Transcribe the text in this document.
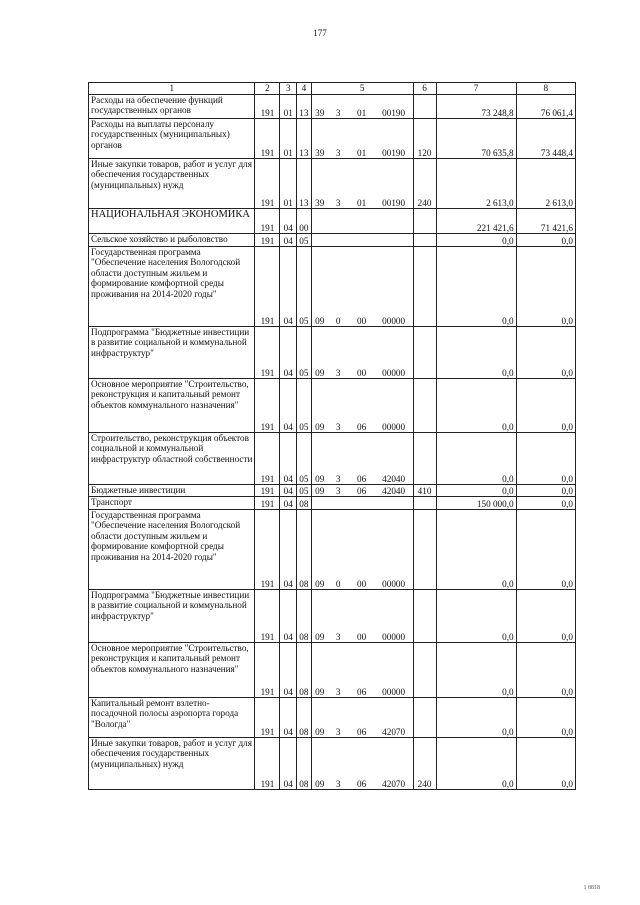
177
1	2	3	4	5				6	7	8
Расходы на обеспечение функций государственных органов	191	01	13	39	3	01	00190		73 248,8	76 061,4
Расходы на выплаты персоналу государственных (муниципальных) органов	191	01	13	39	3	01	00190	120	70 635,8	73 448,4
Иные закупки товаров, работ и услуг для обеспечения государственных (муниципальных) нужд	191	01	13	39	3	01	00190	240	2 613,0	2 613,0
НАЦИОНАЛЬНАЯ ЭКОНОМИКА	191	04	00						221 421,6	71 421,6
Сельское хозяйство и рыболовство	191	04	05						0,0	0,0
Государственная программа "Обеспечение населения Вологодской области доступным жильем и формирование комфортной среды проживания на 2014-2020 годы"	191	04	05	09	0	00	00000		0,0	0,0
Подпрограмма "Бюджетные инвестиции в развитие социальной и коммунальной инфраструктур"	191	04	05	09	3	00	00000		0,0	0,0
Основное мероприятие "Строительство, реконструкция и капитальный ремонт объектов коммунального назначения"	191	04	05	09	3	06	00000		0,0	0,0
Строительство, реконструкция объектов социальной и коммунальной инфраструктур областной собственности	191	04	05	09	3	06	42040		0,0	0,0
Бюджетные инвестиции	191	04	05	09	3	06	42040	410	0,0	0,0
Транспорт	191	04	08						150 000,0	0,0
Государственная программа "Обеспечение населения Вологодской области доступным жильем и формирование комфортной среды проживания на 2014-2020 годы"	191	04	08	09	0	00	00000		0,0	0,0
Подпрограмма "Бюджетные инвестиции в развитие социальной и коммунальной инфраструктур"	191	04	08	09	3	00	00000		0,0	0,0
Основное мероприятие "Строительство, реконструкция и капитальный ремонт объектов коммунального назначения"	191	04	08	09	3	06	00000		0,0	0,0
Капитальный ремонт взлетно-посадочной полосы аэропорта города "Вологда"	191	04	08	09	3	06	42070		0,0	0,0
Иные закупки товаров, работ и услуг для обеспечения государственных (муниципальных) нужд	191	04	08	09	3	06	42070	240	0,0	0,0
1 8818
